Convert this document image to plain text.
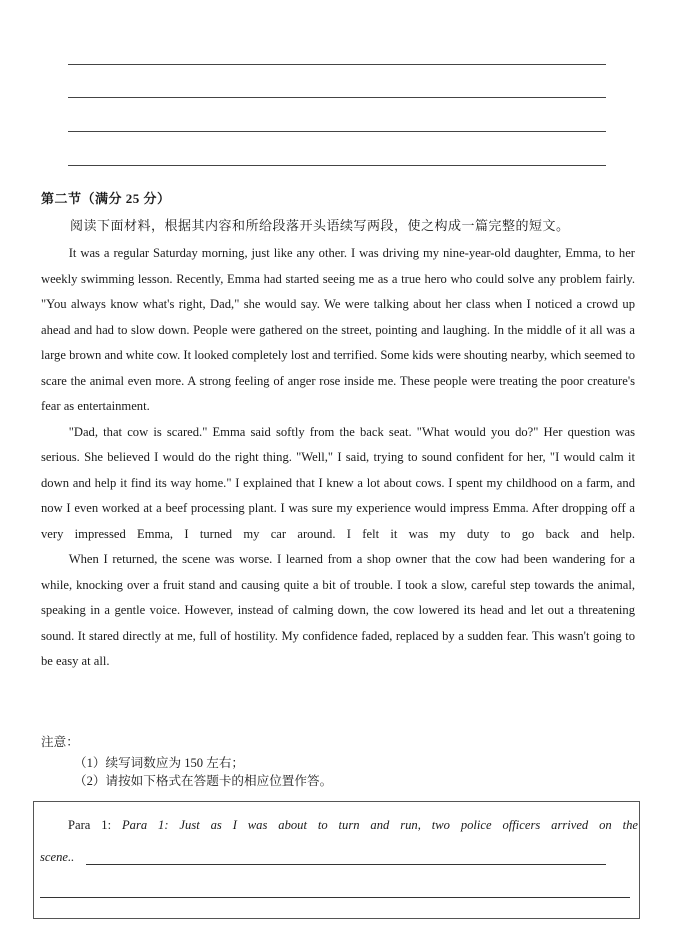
第二节（满分 25 分）
阅读下面材料，根据其内容和所给段落开头语续写两段，使之构成一篇完整的短文。

It was a regular Saturday morning, just like any other. I was driving my nine-year-old daughter, Emma, to her weekly swimming lesson. Recently, Emma had started seeing me as a true hero who could solve any problem fairly. "You always know what's right, Dad," she would say. We were talking about her class when I noticed a crowd up ahead and had to slow down. People were gathered on the street, pointing and laughing. In the middle of it all was a large brown and white cow. It looked completely lost and terrified. Some kids were shouting nearby, which seemed to scare the animal even more. A strong feeling of anger rose inside me. These people were treating the poor creature's fear as entertainment.

"Dad, that cow is scared." Emma said softly from the back seat. "What would you do?" Her question was serious. She believed I would do the right thing. "Well," I said, trying to sound confident for her, "I would calm it down and help it find its way home." I explained that I knew a lot about cows. I spent my childhood on a farm, and now I even worked at a beef processing plant. I was sure my experience would impress Emma. After dropping off a very impressed Emma, I turned my car around. I felt it was my duty to go back and help.

When I returned, the scene was worse. I learned from a shop owner that the cow had been wandering for a while, knocking over a fruit stand and causing quite a bit of trouble. I took a slow, careful step towards the animal, speaking in a gentle voice. However, instead of calming down, the cow lowered its head and let out a threatening sound. It stared directly at me, full of hostility. My confidence faded, replaced by a sudden fear. This wasn't going to be easy at all.

注意：
（1）续写词数应为 150 左右；
（2）请按如下格式在答题卡的相应位置作答。
Para 1: Para 1: Just as I was about to turn and run, two police officers arrived on the
scene..
